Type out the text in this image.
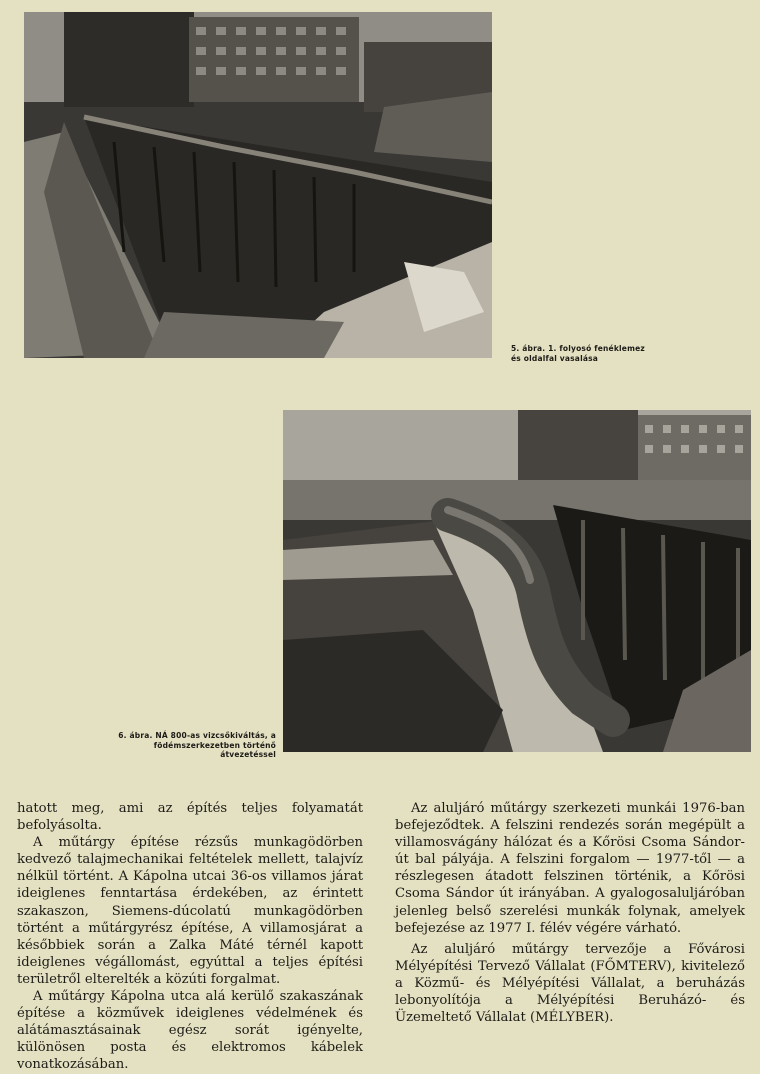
5. ábra. 1. folyosó fenéklemez
és oldalfal vasalása
6. ábra. NÁ 800-as vizcsőkiváltás, a
födémszerkezetben történő átvezetéssel

hatott meg, ami az építés teljes folyamatát befolyásolta.

A műtárgy építése rézsűs munkagödörben kedvező talajmechanikai feltételek mellett, talajvíz nélkül történt. A Kápolna utcai 36-os villamos járat ideiglenes fenntartása érdekében, az érintett szakaszon, Siemens-dúcolatú munkagödörben történt a műtárgyrész építése, A villamosjárat a későbbiek során a Zalka Máté térnél kapott ideiglenes végállomást, egyúttal a teljes építési területről elterelték a közúti forgalmat.

A műtárgy Kápolna utca alá kerülő szakaszának építése a közművek ideiglenes védelmének és alátámasztásainak egész sorát igényelte, különösen posta és elektromos kábelek vonatkozásában.

Az aluljáró műtárgy szerkezeti munkái 1976-ban befejeződtek. A felszini rendezés során megépült a villamosvágány hálózat és a Kőrösi Csoma Sándor-út bal pályája. A felszini forgalom — 1977-től — a részlegesen átadott felszinen történik, a Kőrösi Csoma Sándor út irányában. A gyalogosaluljáróban jelenleg belső szerelési munkák folynak, amelyek befejezése az 1977 I. félév végére várható.

Az aluljáró műtárgy tervezője a Fővárosi Mélyépítési Tervező Vállalat (FŐMTERV), kivitelező a Közmű- és Mélyépítési Vállalat, a beruházás lebonyolítója a Mélyépítési Beruházó- és Üzemeltető Vállalat (MÉLYBER).
